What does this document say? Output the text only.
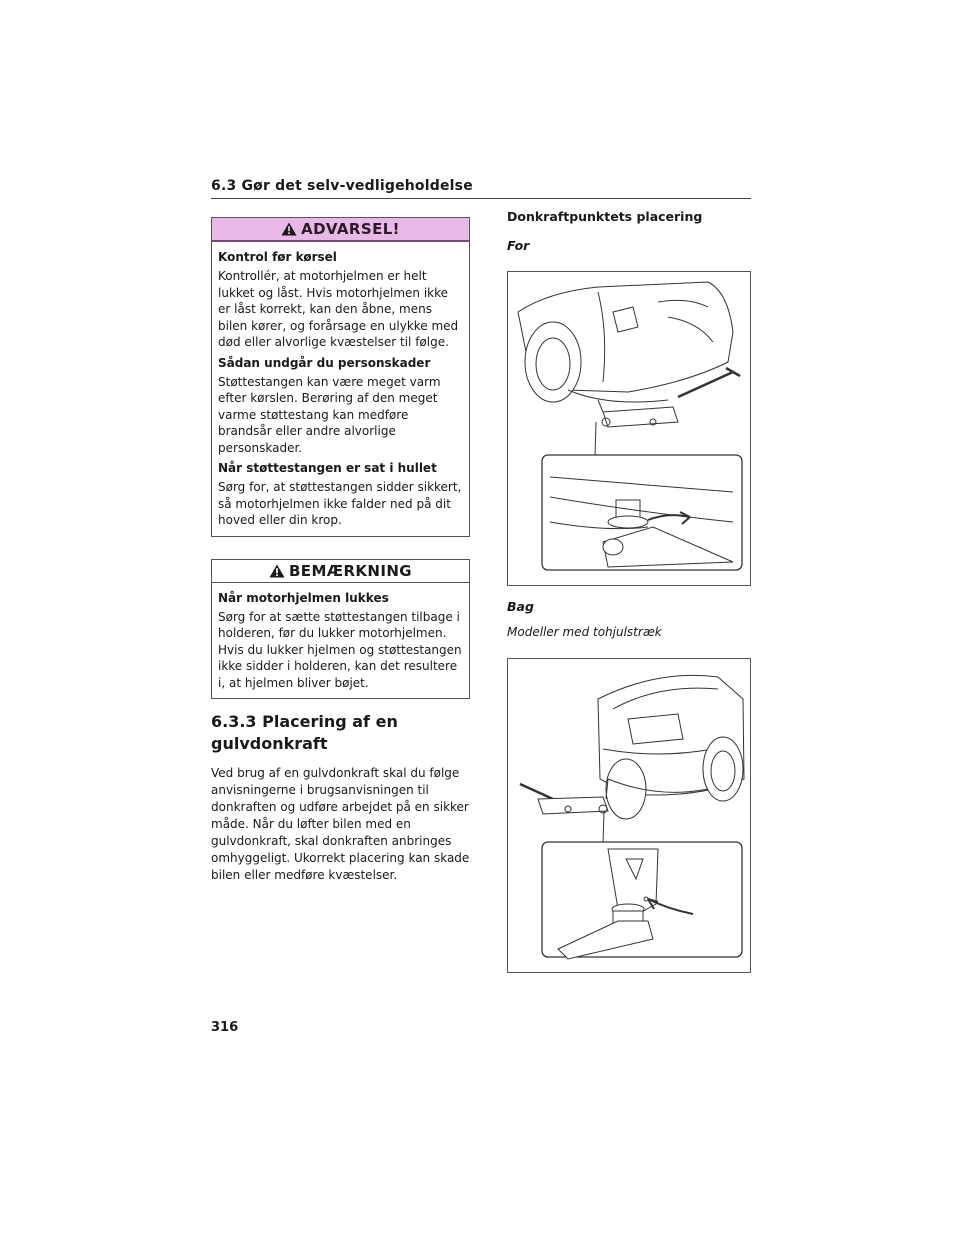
6.3 Gør det selv-vedligeholdelse
ADVARSEL!

Kontrol før kørsel

Kontrollér, at motorhjelmen er helt lukket og låst. Hvis motorhjelmen ikke er låst korrekt, kan den åbne, mens bilen kører, og forårsage en ulykke med død eller alvorlige kvæstelser til følge.

Sådan undgår du personskader

Støttestangen kan være meget varm efter kørslen. Berøring af den meget varme støttestang kan medføre brandsår eller andre alvorlige personskader.

Når støttestangen er sat i hullet

Sørg for, at støttestangen sidder sikkert, så motorhjelmen ikke falder ned på dit hoved eller din krop.

BEMÆRKNING

Når motorhjelmen lukkes

Sørg for at sætte støttestangen tilbage i holderen, før du lukker motorhjelmen. Hvis du lukker hjelmen og støttestangen ikke sidder i holderen, kan det resultere i, at hjelmen bliver bøjet.

6.3.3 Placering af en gulvdonkraft

Ved brug af en gulvdonkraft skal du følge anvisningerne i brugsanvisningen til donkraften og udføre arbejdet på en sikker måde. Når du løfter bilen med en gulvdonkraft, skal donkraften anbringes omhyggeligt. Ukorrekt placering kan skade bilen eller medføre kvæstelser.

Donkraftpunktets placering

For

Bag

Modeller med tohjulstræk

316
